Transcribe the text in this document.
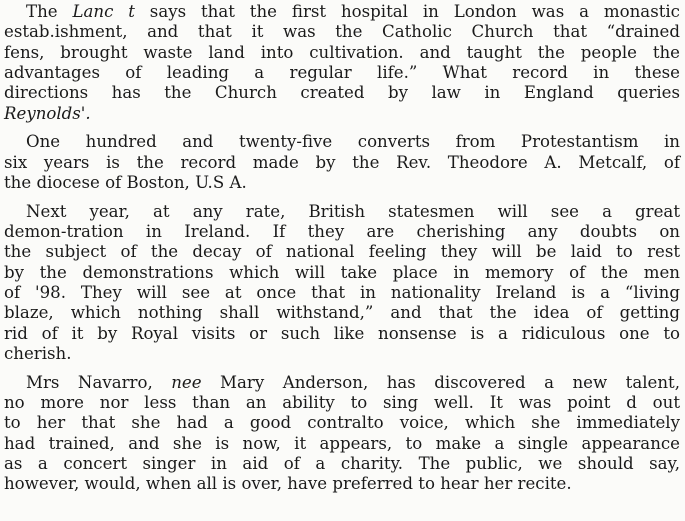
The Lanc t says that the first hospital in London was a monastic
estab.ishment, and that it was the Catholic Church that “drained
fens, brought waste land into cultivation. and taught the people the
advantages of leading a regular life.” What record in these
directions has the Church created by law in England queries
Reynolds'.
One hundred and twenty-five converts from Protestantism in
six years is the record made by the Rev. Theodore A. Metcalf, of
the diocese of Boston, U.S A.
Next year, at any rate, British statesmen will see a great
demon-tration in Ireland. If they are cherishing any doubts on
the subject of the decay of national feeling they will be laid to rest
by the demonstrations which will take place in memory of the men
of '98. They will see at once that in nationality Ireland is a “living
blaze, which nothing shall withstand,” and that the idea of getting
rid of it by Royal visits or such like nonsense is a ridiculous one to
cherish.
Mrs Navarro, nee Mary Anderson, has discovered a new talent,
no more nor less than an ability to sing well. It was point d out
to her that she had a good contralto voice, which she immediately
had trained, and she is now, it appears, to make a single appearance
as a concert singer in aid of a charity. The public, we should say,
however, would, when all is over, have preferred to hear her recite.
